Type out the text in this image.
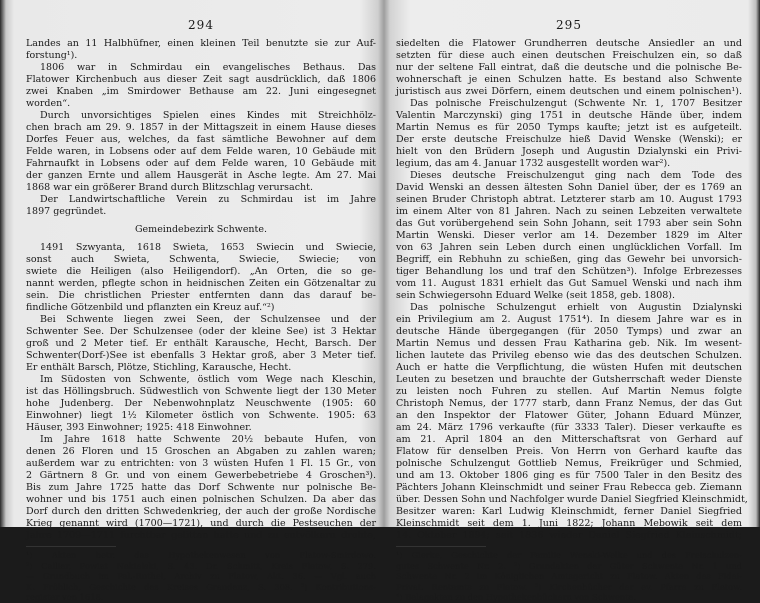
294
Landes an 11 Halbhüfner, einen kleinen Teil benutzte sie zur Auf-
forstung¹).
1806 war in Schmirdau ein evangelisches Bethaus. Das
Flatower Kirchenbuch aus dieser Zeit sagt ausdrücklich, daß 1806
zwei Knaben „im Smirdower Bethause am 22. Juni eingesegnet
worden“.
Durch unvorsichtiges Spielen eines Kindes mit Streichhölz-
chen brach am 29. 9. 1857 in der Mittagszeit in einem Hause dieses
Dorfes Feuer aus, welches, da fast sämtliche Bewohner auf dem
Felde waren, in Lobsens oder auf dem Felde waren, 10 Gebäude mit
Fahrnaufkt in Lobsens oder auf dem Felde waren, 10 Gebäude mit
der ganzen Ernte und allem Hausgerät in Asche legte. Am 27. Mai
1868 war ein größerer Brand durch Blitzschlag verursacht.
Der Landwirtschaftliche Verein zu Schmirdau ist im Jahre
1897 gegründet.
Gemeindebezirk Schwente.
1491 Szwyanta, 1618 Swieta, 1653 Swiecin und Swiecie,
sonst auch Swieta, Schwenta, Swiecie, Swiecie; von
swiete die Heiligen (also Heiligendorf). „An Orten, die so ge-
nannt werden, pflegte schon in heidnischen Zeiten ein Götzenaltar zu
sein. Die christlichen Priester entfernten dann das darauf be-
findliche Götzenbild und pflanzten ein Kreuz auf.“²)
Bei Schwente liegen zwei Seen, der Schulzensee und der
Schwenter See. Der Schulzensee (oder der kleine See) ist 3 Hektar
groß und 2 Meter tief. Er enthält Karausche, Hecht, Barsch. Der
Schwenter(Dorf-)See ist ebenfalls 3 Hektar groß, aber 3 Meter tief.
Er enthält Barsch, Plötze, Stichling, Karausche, Hecht.
Im Südosten von Schwente, östlich vom Wege nach Kleschin,
ist das Höllingsbruch. Südwestlich von Schwente liegt der 130 Meter
hohe Judenberg. Der Nebenwohnplatz Neuschwente (1905: 60
Einwohner) liegt 1½ Kilometer östlich von Schwente. 1905: 63
Häuser, 393 Einwohner; 1925: 418 Einwohner.
Im Jahre 1618 hatte Schwente 20½ bebaute Hufen, von
denen 26 Floren und 15 Groschen an Abgaben zu zahlen waren;
außerdem war zu entrichten: von 3 wüsten Hufen 1 Fl. 15 Gr., von
2 Gärtnern 8 Gr. und von einem Gewerbebetriebe 4 Groschen³).
Bis zum Jahre 1725 hatte das Dorf Schwente nur polnische Be-
wohner und bis 1751 auch einen polnischen Schulzen. Da aber das
Dorf durch den dritten Schwedenkrieg, der auch der große Nordische
Krieg genannt wird (1700—1721), und durch die Pestseuchen der
Jahre 1709—1711 furchtbar gelitten hatte und zu entvölkern drohte,
¹) Akten betr. das Hypothekenwesen von Flatow-Smirdowo.
²) Callier, Powiat Nakielski, S. 43. Dr. Schmitt, Kreis Flatow, S. 279.
— Grundbuch im Pal.-Ruthel, Archiv zu Flatow, Akt. 36. — Vgl. auch
K. Fröhlich, Geschichte des Kreises Graudenz, S. 308. ³) Kontributions-
register von 1618.
295
siedelten die Flatower Grundherren deutsche Ansiedler an und
setzten für diese auch einen deutschen Freischulzen ein, so daß
nur der seltene Fall eintrat, daß die deutsche und die polnische Be-
wohnerschaft je einen Schulzen hatte. Es bestand also Schwente
juristisch aus zwei Dörfern, einem deutschen und einem polnischen¹).
Das polnische Freischulzengut (Schwente Nr. 1, 1707 Besitzer
Valentin Marczynski) ging 1751 in deutsche Hände über, indem
Martin Nemus es für 2050 Tymps kaufte; jetzt ist es aufgeteilt.
Der erste deutsche Freischulze hieß David Wenske (Wenski); er
hielt von den Brüdern Joseph und Augustin Dzialynski ein Privi-
legium, das am 4. Januar 1732 ausgestellt worden war²).
Dieses deutsche Freischulzengut ging nach dem Tode des
David Wenski an dessen ältesten Sohn Daniel über, der es 1769 an
seinen Bruder Christoph abtrat. Letzterer starb am 10. August 1793
im einem Alter von 81 Jahren. Nach zu seinen Lebzeiten verwaltete
das Gut vorübergehend sein Sohn Johann, seit 1793 aber sein Sohn
Martin Wenski. Dieser verlor am 14. Dezember 1829 im Alter
von 63 Jahren sein Leben durch einen unglücklichen Vorfall. Im
Begriff, ein Rebhuhn zu schießen, ging das Gewehr bei unvorsich-
tiger Behandlung los und traf den Schützen³). Infolge Erbrezesses
vom 11. August 1831 erhielt das Gut Samuel Wenski und nach ihm
sein Schwiegersohn Eduard Welke (seit 1858, geb. 1808).
Das polnische Schulzengut erhielt von Augustin Dzialynski
ein Privilegium am 2. August 1751⁴). In diesem Jahre war es in
deutsche Hände übergegangen (für 2050 Tymps) und zwar an
Martin Nemus und dessen Frau Katharina geb. Nik. Im wesent-
lichen lautete das Privileg ebenso wie das des deutschen Schulzen.
Auch er hatte die Verpflichtung, die wüsten Hufen mit deutschen
Leuten zu besetzen und brauchte der Gutsherrschaft weder Dienste
zu leisten noch Fuhren zu stellen. Auf Martin Nemus folgte
Christoph Nemus, der 1777 starb, dann Franz Nemus, der das Gut
an den Inspektor der Flatower Güter, Johann Eduard Münzer,
am 24. März 1796 verkaufte (für 3333 Taler). Dieser verkaufte es
am 21. April 1804 an den Mitterschaftsrat von Gerhard auf
Flatow für denselben Preis. Von Herrn von Gerhard kaufte das
polnische Schulzengut Gottlieb Nemus, Freikrüger und Schmied,
und am 13. Oktober 1806 ging es für 7500 Taler in den Besitz des
Pächters Johann Kleinschmidt und seiner Frau Rebecca geb. Ziemann
über. Dessen Sohn und Nachfolger wurde Daniel Siegfried Kleinschmidt,
Besitzer waren: Karl Ludwig Kleinschmidt, ferner Daniel Siegfried
Kleinschmidt seit dem 1. Juni 1822; Johann Mebowik seit dem
14. Oktober 1894; seit 1836 wieder Daniel Siegfried Kleinschmidt;
¹) Gierke, Geschichte der Familie Wenski-Welke und des Freischulzen-
gutes Schwente Nr. 2. ²) Grundakten der Güter Schwente Nr. 1 und
Schwente Nr. 2 im Königlichen Amtsgericht zu Flatow. Akten des Fidei-
Privat. Rentamts zu Flatow. ³) Kirchenbücher der ev. Pfarre zu Flatow.
⁴) Belagakten zu den Hypothekenbüchern von Schwente.
